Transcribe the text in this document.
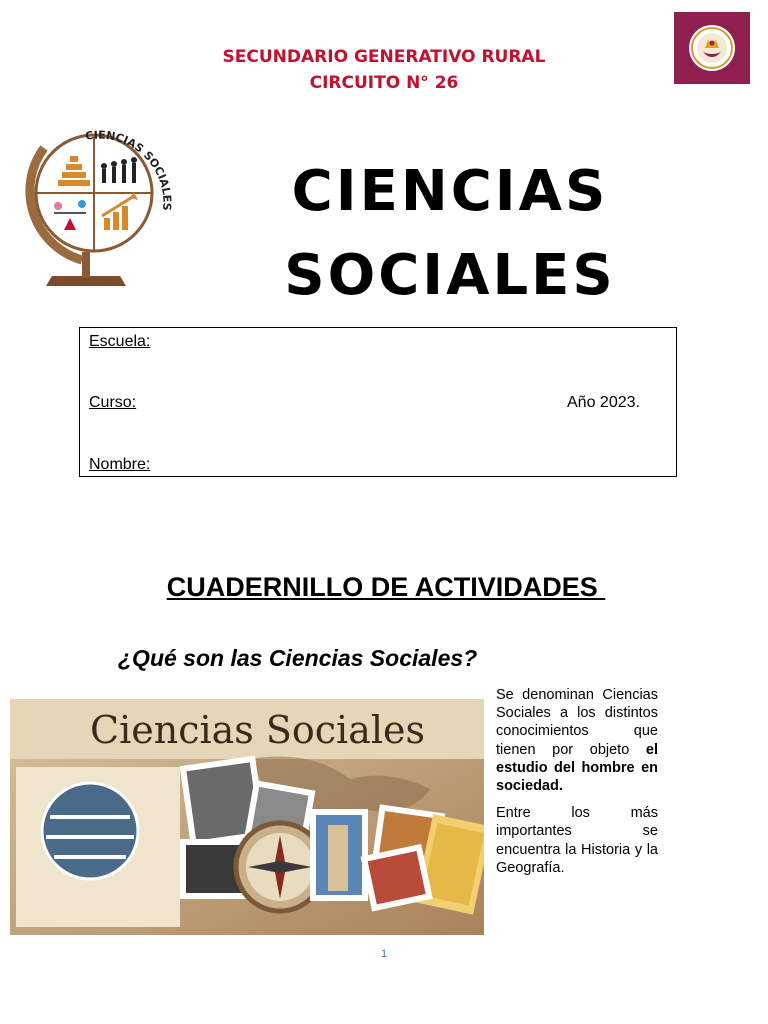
SECUNDARIO GENERATIVO RURAL
CIRCUITO N° 26
CIENCIAS SOCIALES	CIENCIAS
SOCIALES
Escuela:
Curso:	Año 2023.
Nombre:
CUADERNILLO DE ACTIVIDADES
¿Qué son las Ciencias Sociales?
Ciencias Sociales

Se denominan Ciencias Sociales a los distintos conocimientos que tienen por objeto el estudio del hombre en sociedad.

Entre los más importantes se encuentra la Historia y la Geografía.

1
